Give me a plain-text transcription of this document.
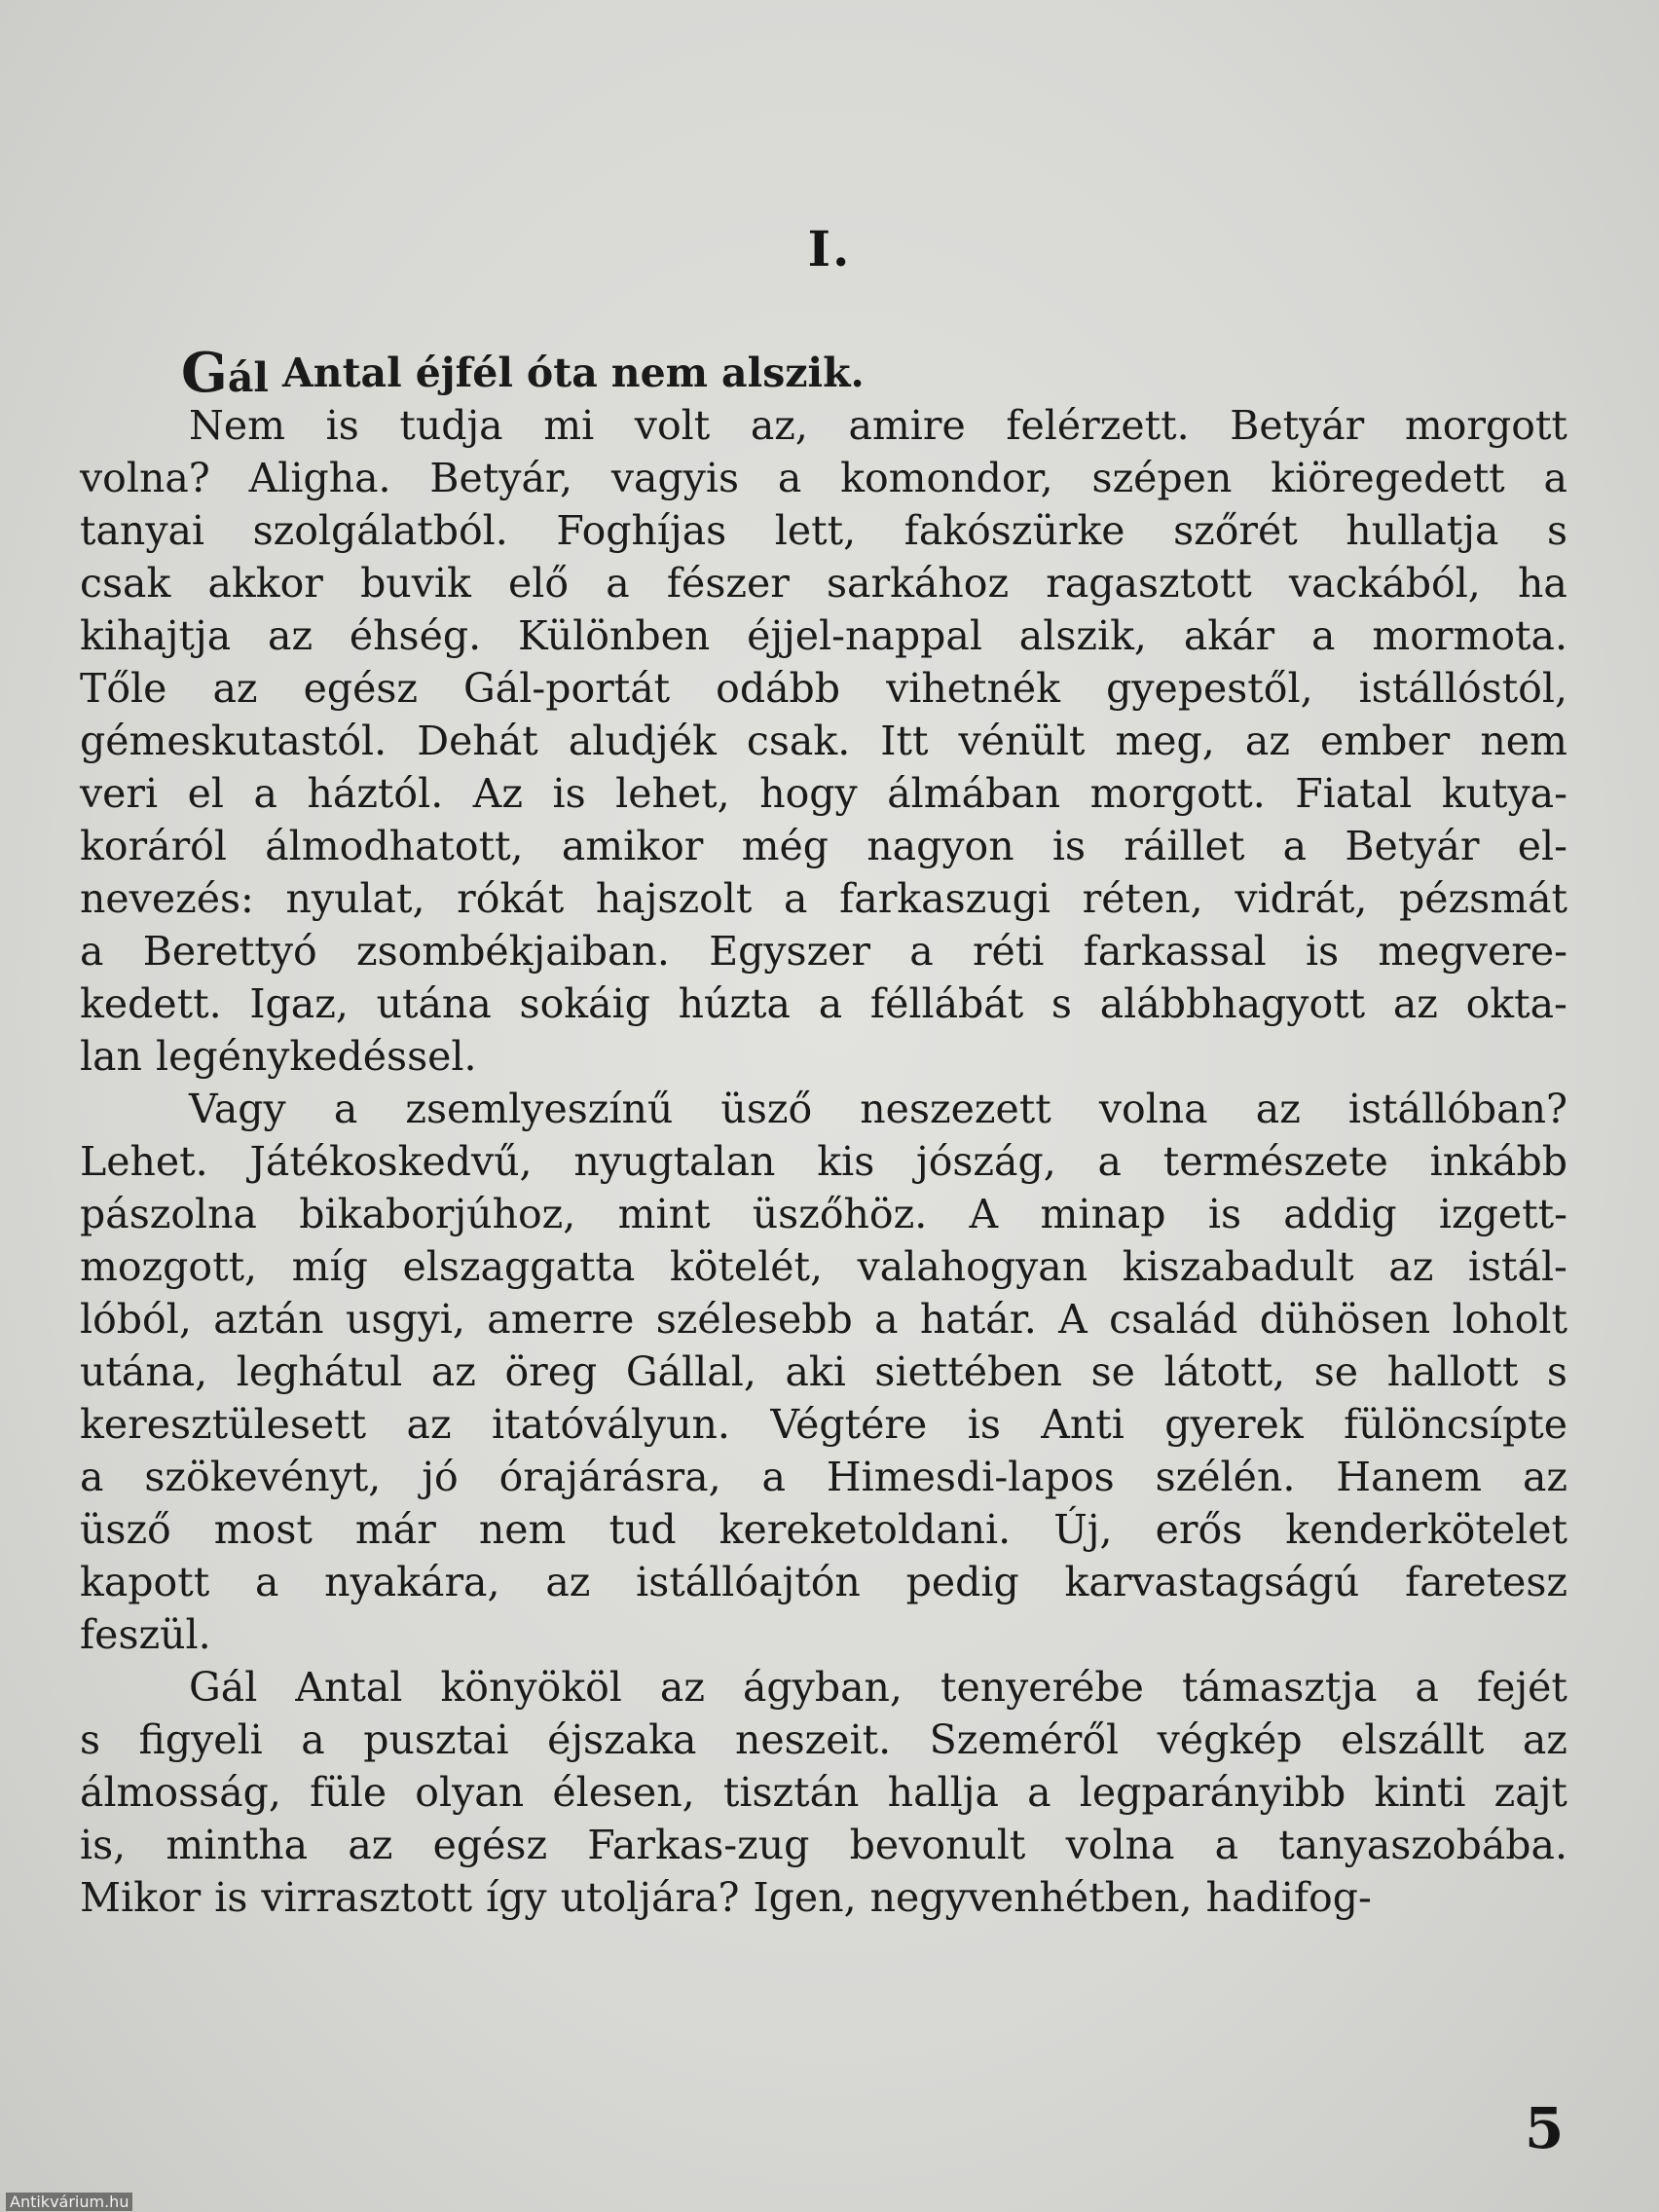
I.
Gál Antal éjfél óta nem alszik.
Nem is tudja mi volt az, amire felérzett. Betyár morgott
volna? Aligha. Betyár, vagyis a komondor, szépen kiöregedett a
tanyai szolgálatból. Foghíjas lett, fakószürke szőrét hullatja s
csak akkor buvik elő a fészer sarkához ragasztott vackából, ha
kihajtja az éhség. Különben éjjel-nappal alszik, akár a mormota.
Tőle az egész Gál-portát odább vihetnék gyepestől, istállóstól,
gémeskutastól. Dehát aludjék csak. Itt vénült meg, az ember nem
veri el a háztól. Az is lehet, hogy álmában morgott. Fiatal kutya-
koráról álmodhatott, amikor még nagyon is ráillet a Betyár el-
nevezés: nyulat, rókát hajszolt a farkaszugi réten, vidrát, pézsmát
a Berettyó zsombékjaiban. Egyszer a réti farkassal is megvere-
kedett. Igaz, utána sokáig húzta a féllábát s alábbhagyott az okta-
lan legénykedéssel.
Vagy a zsemlyeszínű üsző neszezett volna az istállóban?
Lehet. Játékoskedvű, nyugtalan kis jószág, a természete inkább
pászolna bikaborjúhoz, mint üszőhöz. A minap is addig izgett-
mozgott, míg elszaggatta kötelét, valahogyan kiszabadult az istál-
lóból, aztán usgyi, amerre szélesebb a határ. A család dühösen loholt
utána, leghátul az öreg Gállal, aki siettében se látott, se hallott s
keresztülesett az itatóvályun. Végtére is Anti gyerek fülöncsípte
a szökevényt, jó órajárásra, a Himesdi-lapos szélén. Hanem az
üsző most már nem tud kereketoldani. Új, erős kenderkötelet
kapott a nyakára, az istállóajtón pedig karvastagságú faretesz
feszül.
Gál Antal könyököl az ágyban, tenyerébe támasztja a fejét
s figyeli a pusztai éjszaka neszeit. Szeméről végkép elszállt az
álmosság, füle olyan élesen, tisztán hallja a legparányibb kinti zajt
is, mintha az egész Farkas-zug bevonult volna a tanyaszobába.
Mikor is virrasztott így utoljára? Igen, negyvenhétben, hadifog-
5
Antikvárium.hu
